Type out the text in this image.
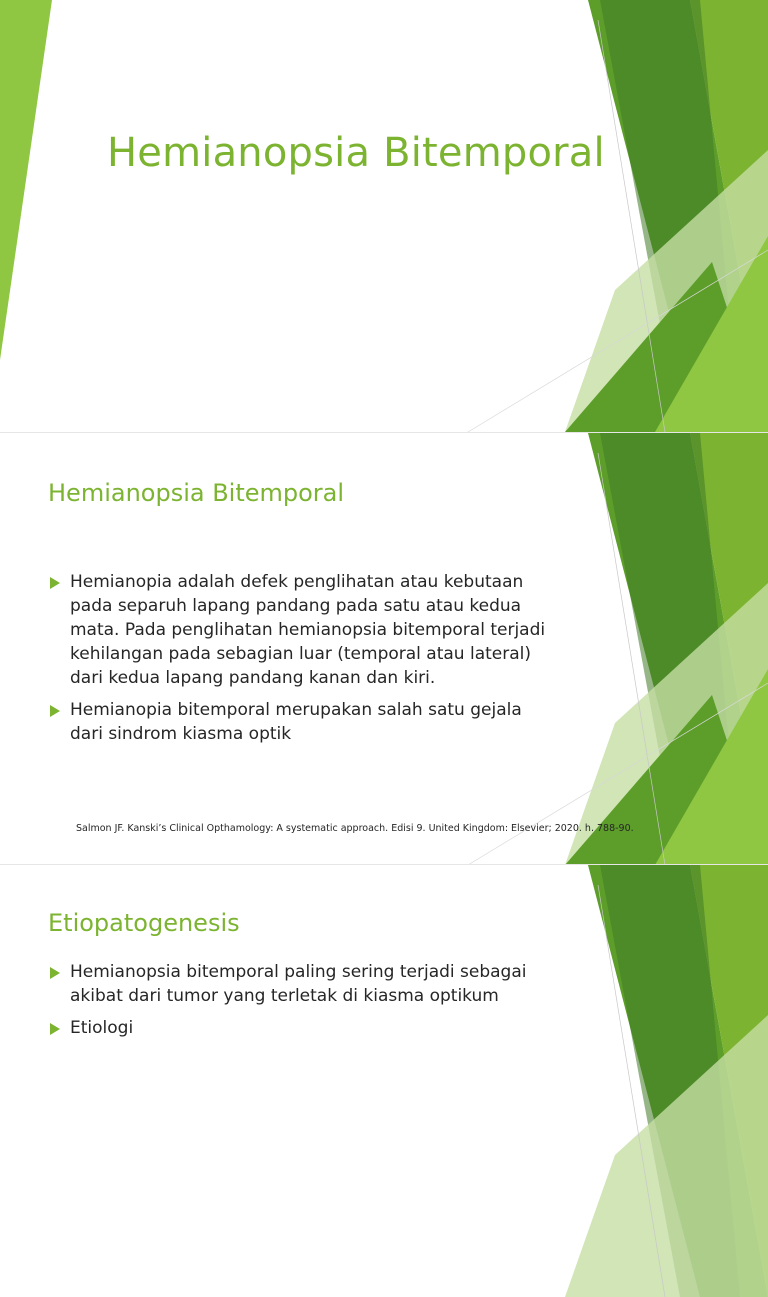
Hemianopsia Bitemporal
Hemianopsia Bitemporal
Hemianopia adalah defek penglihatan atau kebutaan pada separuh lapang pandang pada satu atau kedua mata. Pada penglihatan hemianopsia bitemporal terjadi kehilangan pada sebagian luar (temporal atau lateral) dari kedua lapang pandang kanan dan kiri.
Hemianopia bitemporal merupakan salah satu gejala dari sindrom kiasma optik

Salmon JF. Kanski’s Clinical Opthamology: A systematic approach. Edisi 9. United Kingdom: Elsevier; 2020. h. 788-90.

Etiopatogenesis
Hemianopsia bitemporal paling sering terjadi sebagai akibat dari tumor yang terletak di kiasma optikum
Etiologi
